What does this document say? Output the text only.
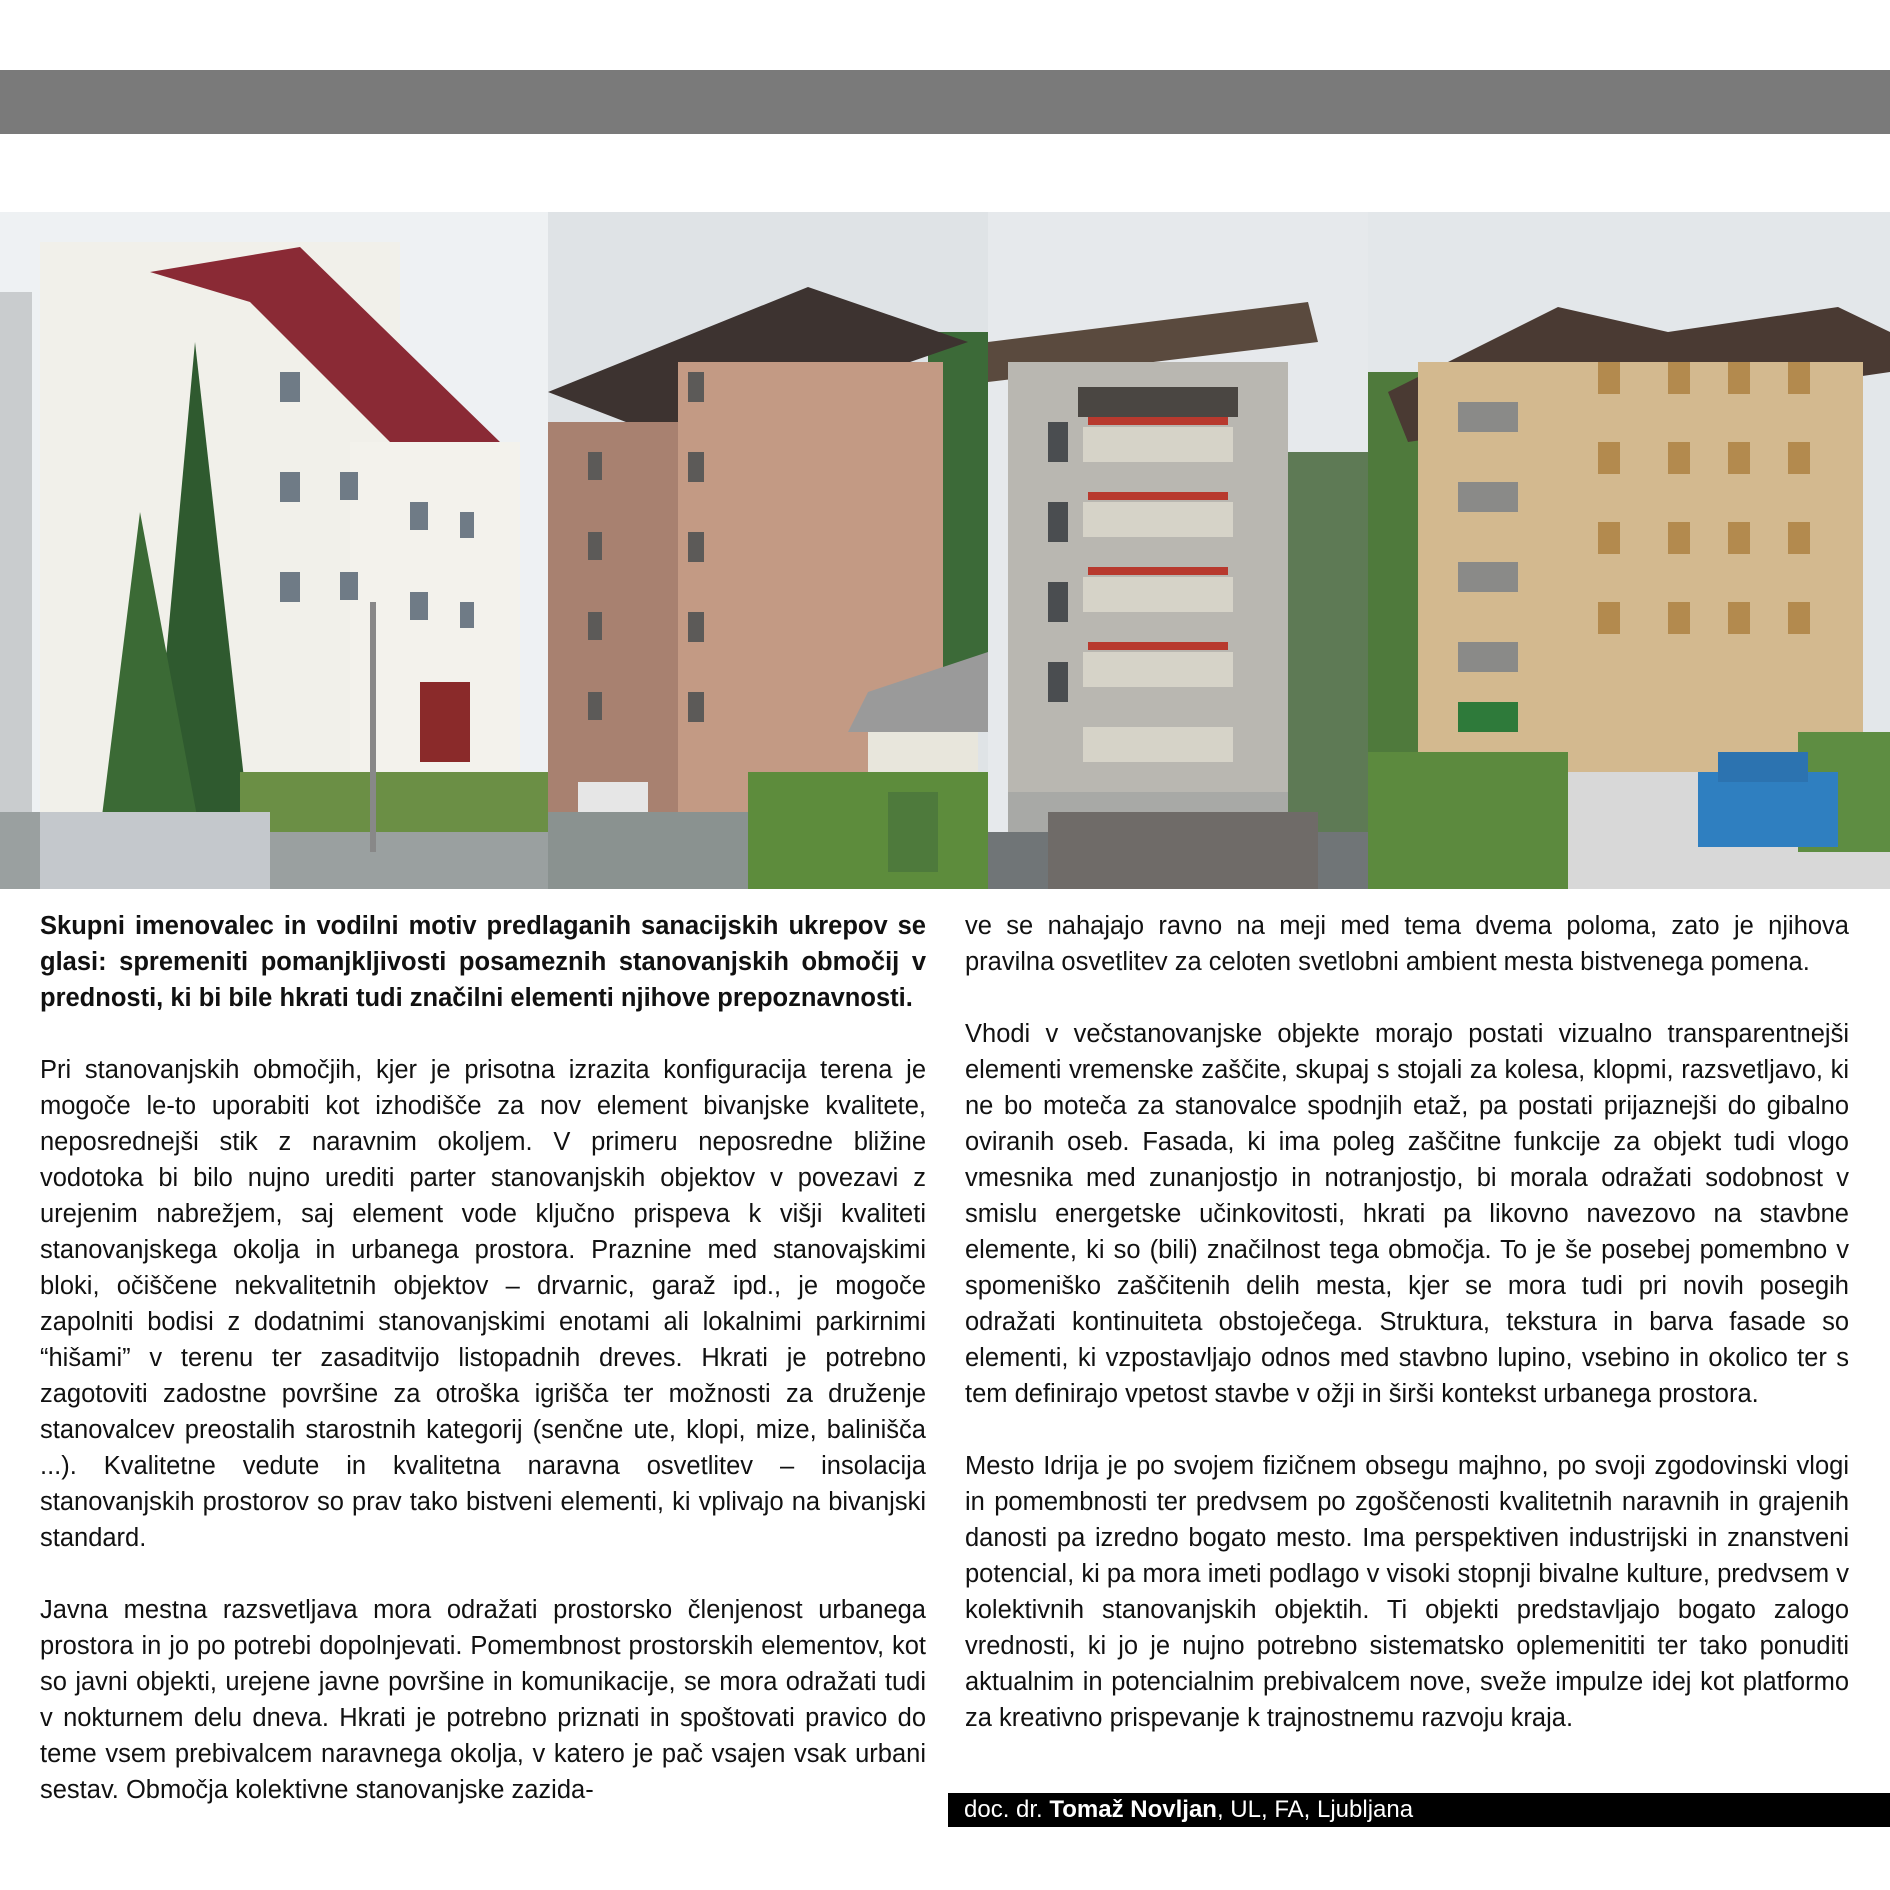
Skupni imenovalec in vodilni motiv predlaganih sanacijskih ukrepov se glasi: spremeniti pomanjkljivosti posameznih stanovanjskih območij v prednosti, ki bi bile hkrati tudi značilni elementi njihove prepoznavnosti.

Pri stanovanjskih območjih, kjer je prisotna izrazita konfiguracija terena je mogoče le-to uporabiti kot izhodišče za nov element bivanjske kvalitete, neposrednejši stik z naravnim okoljem. V primeru neposredne bližine vodotoka bi bilo nujno urediti parter stanovanjskih objektov v povezavi z urejenim nabrežjem, saj element vode ključno prispeva k višji kvaliteti stanovanjskega okolja in urbanega prostora. Praznine med stanovajskimi bloki, očiščene nekvalitetnih objektov – drvarnic, garaž ipd., je mogoče zapolniti bodisi z dodatnimi stanovanjskimi enotami ali lokalnimi parkirnimi “hišami” v terenu ter zasaditvijo listopadnih dreves. Hkrati je potrebno zagotoviti zadostne površine za otroška igrišča ter možnosti za druženje stanovalcev preostalih starostnih kategorij (senčne ute, klopi, mize, balinišča ...). Kvalitetne vedute in kvalitetna naravna osvetlitev – insolacija stanovanjskih prostorov so prav tako bistveni elementi, ki vplivajo na bivanjski standard.

Javna mestna razsvetljava mora odražati prostorsko členjenost urbanega prostora in jo po potrebi dopolnjevati. Pomembnost prostorskih elementov, kot so javni objekti, urejene javne površine in komunikacije, se mora odražati tudi v nokturnem delu dneva. Hkrati je potrebno priznati in spoštovati pravico do teme vsem prebivalcem naravnega okolja, v katero je pač vsajen vsak urbani sestav. Območja kolektivne stanovanjske zazida-

ve se nahajajo ravno na meji med tema dvema poloma, zato je njihova pravilna osvetlitev za celoten svetlobni ambient mesta bistvenega pomena.

Vhodi v večstanovanjske objekte morajo postati vizualno transparentnejši elementi vremenske zaščite, skupaj s stojali za kolesa, klopmi, razsvetljavo, ki ne bo moteča za stanovalce spodnjih etaž, pa postati prijaznejši do gibalno oviranih oseb. Fasada, ki ima poleg zaščitne funkcije za objekt tudi vlogo vmesnika med zunanjostjo in notranjostjo, bi morala odražati sodobnost v smislu energetske učinkovitosti, hkrati pa likovno navezovo na stavbne elemente, ki so (bili) značilnost tega območja. To je še posebej pomembno v spomeniško zaščitenih delih mesta, kjer se mora tudi pri novih posegih odražati kontinuiteta obstoječega. Struktura, tekstura in barva fasade so elementi, ki vzpostavljajo odnos med stavbno lupino, vsebino in okolico ter s tem definirajo vpetost stavbe v ožji in širši kontekst urbanega prostora.

Mesto Idrija je po svojem fizičnem obsegu majhno, po svoji zgodovinski vlogi in pomembnosti ter predvsem po zgoščenosti kvalitetnih naravnih in grajenih danosti pa izredno bogato mesto. Ima perspektiven industrijski in znanstveni potencial, ki pa mora imeti podlago v visoki stopnji bivalne kulture, predvsem v kolektivnih stanovanjskih objektih. Ti objekti predstavljajo bogato zalogo vrednosti, ki jo je nujno potrebno sistematsko oplemenititi ter tako ponuditi aktualnim in potencialnim prebivalcem nove, sveže impulze idej kot platformo za kreativno prispevanje k trajnostnemu razvoju kraja.

doc. dr. Tomaž Novljan, UL, FA, Ljubljana
